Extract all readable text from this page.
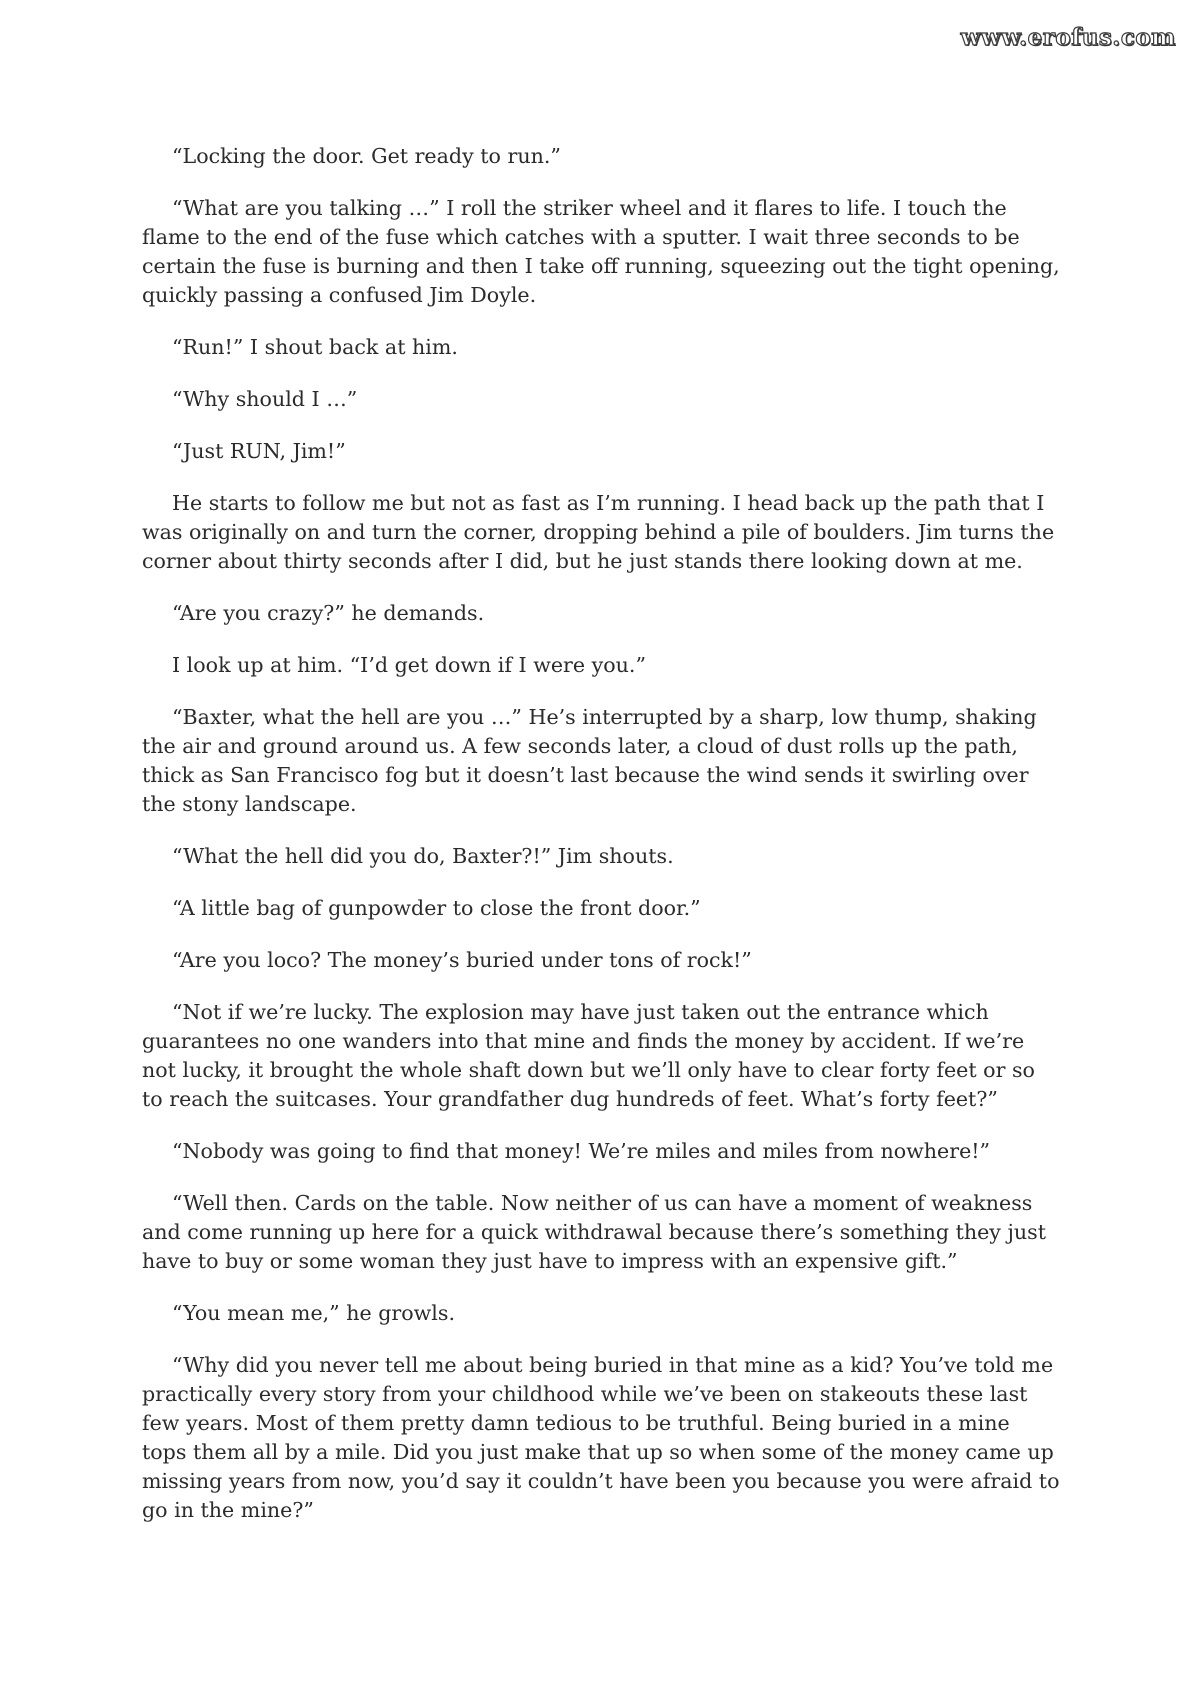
www.erofus.com

“Locking the door. Get ready to run.”

“What are you talking …” I roll the striker wheel and it flares to life. I touch the flame to the end of the fuse which catches with a sputter. I wait three seconds to be certain the fuse is burning and then I take off running, squeezing out the tight opening, quickly passing a confused Jim Doyle.

“Run!” I shout back at him.

“Why should I …”

“Just RUN, Jim!”

He starts to follow me but not as fast as I’m running. I head back up the path that I was originally on and turn the corner, dropping behind a pile of boulders. Jim turns the corner about thirty seconds after I did, but he just stands there looking down at me.

“Are you crazy?” he demands.

I look up at him. “I’d get down if I were you.”

“Baxter, what the hell are you …” He’s interrupted by a sharp, low thump, shaking the air and ground around us. A few seconds later, a cloud of dust rolls up the path, thick as San Francisco fog but it doesn’t last because the wind sends it swirling over the stony landscape.

“What the hell did you do, Baxter?!” Jim shouts.

“A little bag of gunpowder to close the front door.”

“Are you loco? The money’s buried under tons of rock!”

“Not if we’re lucky. The explosion may have just taken out the entrance which guarantees no one wanders into that mine and finds the money by accident. If we’re not lucky, it brought the whole shaft down but we’ll only have to clear forty feet or so to reach the suitcases. Your grandfather dug hundreds of feet. What’s forty feet?”

“Nobody was going to find that money! We’re miles and miles from nowhere!”

“Well then. Cards on the table. Now neither of us can have a moment of weakness and come running up here for a quick withdrawal because there’s something they just have to buy or some woman they just have to impress with an expensive gift.”

“You mean me,” he growls.

“Why did you never tell me about being buried in that mine as a kid? You’ve told me practically every story from your childhood while we’ve been on stakeouts these last few years. Most of them pretty damn tedious to be truthful. Being buried in a mine tops them all by a mile. Did you just make that up so when some of the money came up missing years from now, you’d say it couldn’t have been you because you were afraid to go in the mine?”
